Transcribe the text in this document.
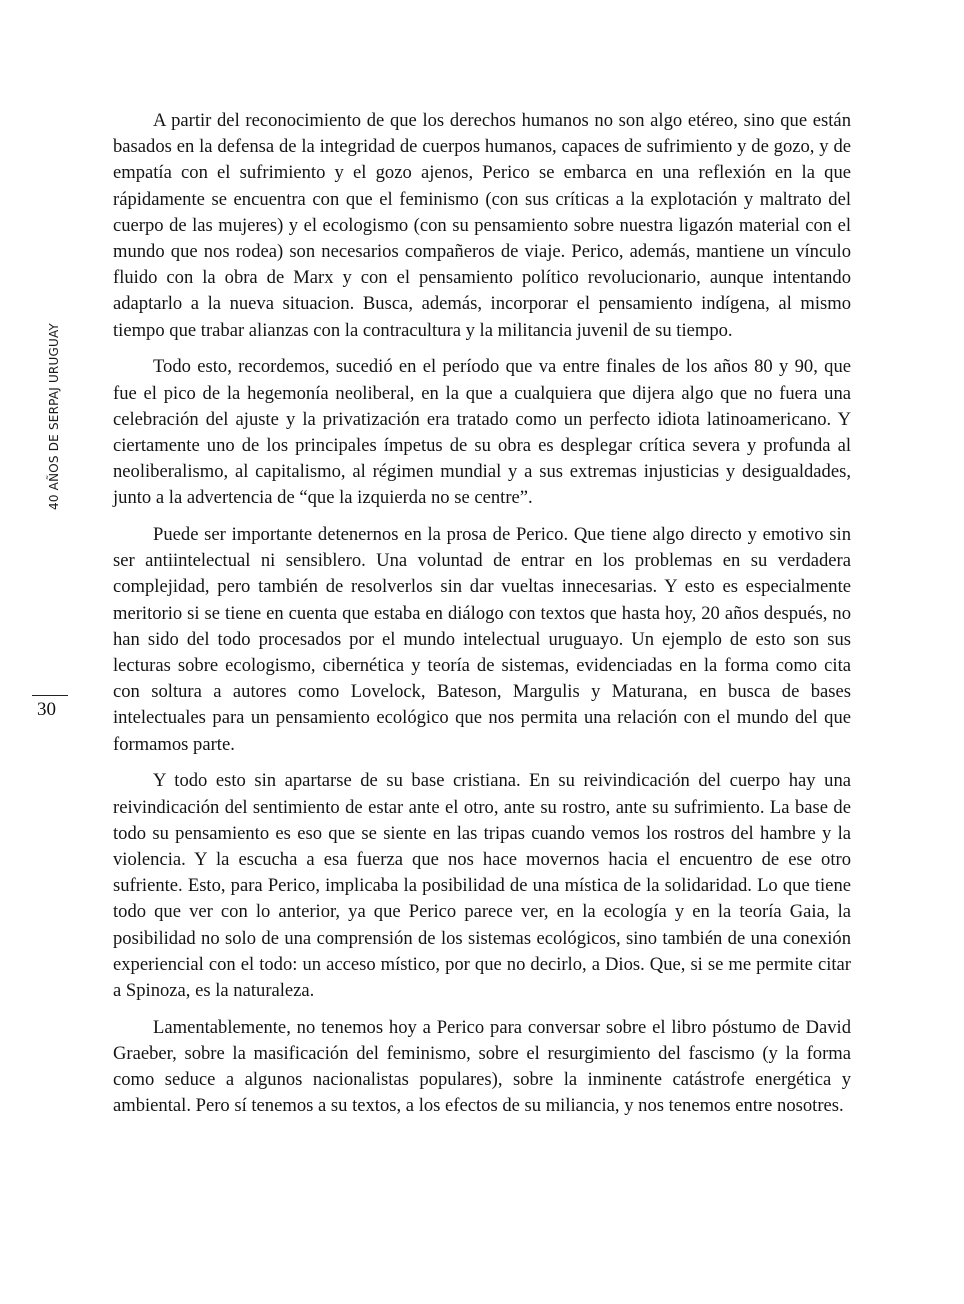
40 AÑOS DE SERPAJ URUGUAY
30

A partir del reconocimiento de que los derechos humanos no son algo etéreo, sino que están basados en la defensa de la integridad de cuerpos humanos, capaces de sufrimiento y de gozo, y de empatía con el sufrimiento y el gozo ajenos, Perico se embarca en una reflexión en la que rápidamente se encuentra con que el feminismo (con sus críticas a la explotación y maltrato del cuerpo de las mujeres) y el ecologismo (con su pensamiento sobre nuestra ligazón material con el mundo que nos rodea) son necesarios compañeros de viaje. Perico, además, mantiene un vínculo fluido con la obra de Marx y con el pensamiento político revolucionario, aunque intentando adaptarlo a la nueva situacion. Busca, además, incorporar el pensamiento indígena, al mismo tiempo que trabar alianzas con la contracultura y la militancia juvenil de su tiempo.

Todo esto, recordemos, sucedió en el período que va entre finales de los años 80 y 90, que fue el pico de la hegemonía neoliberal, en la que a cualquiera que dijera algo que no fuera una celebración del ajuste y la privatización era tratado como un perfecto idiota latinoamericano. Y ciertamente uno de los principales ímpetus de su obra es desplegar crítica severa y profunda al neoliberalismo, al capitalismo, al régimen mundial y a sus extremas injusticias y desigualdades, junto a la advertencia de “que la izquierda no se centre”.

Puede ser importante detenernos en la prosa de Perico. Que tiene algo directo y emotivo sin ser antiintelectual ni sensiblero. Una voluntad de entrar en los problemas en su verdadera complejidad, pero también de resolverlos sin dar vueltas innecesarias. Y esto es especialmente meritorio si se tiene en cuenta que estaba en diálogo con textos que hasta hoy, 20 años después, no han sido del todo procesados por el mundo intelectual uruguayo. Un ejemplo de esto son sus lecturas sobre ecologismo, cibernética y teoría de sistemas, evidenciadas en la forma como cita con soltura a autores como Lovelock, Bateson, Margulis y Maturana, en busca de bases intelectuales para un pensamiento ecológico que nos permita una relación con el mundo del que formamos parte.

Y todo esto sin apartarse de su base cristiana. En su reivindicación del cuerpo hay una reivindicación del sentimiento de estar ante el otro, ante su rostro, ante su sufrimiento. La base de todo su pensamiento es eso que se siente en las tripas cuando vemos los rostros del hambre y la violencia. Y la escucha a esa fuerza que nos hace movernos hacia el encuentro de ese otro sufriente. Esto, para Perico, implicaba la posibilidad de una mística de la solidaridad. Lo que tiene todo que ver con lo anterior, ya que Perico parece ver, en la ecología y en la teoría Gaia, la posibilidad no solo de una comprensión de los sistemas ecológicos, sino también de una conexión experiencial con el todo: un acceso místico, por que no decirlo, a Dios. Que, si se me permite citar a Spinoza, es la naturaleza.

Lamentablemente, no tenemos hoy a Perico para conversar sobre el libro póstumo de David Graeber, sobre la masificación del feminismo, sobre el resurgimiento del fascismo (y la forma como seduce a algunos nacionalistas populares), sobre la inminente catástrofe energética y ambiental. Pero sí tenemos a su textos, a los efectos de su miliancia, y nos tenemos entre nosotres.
